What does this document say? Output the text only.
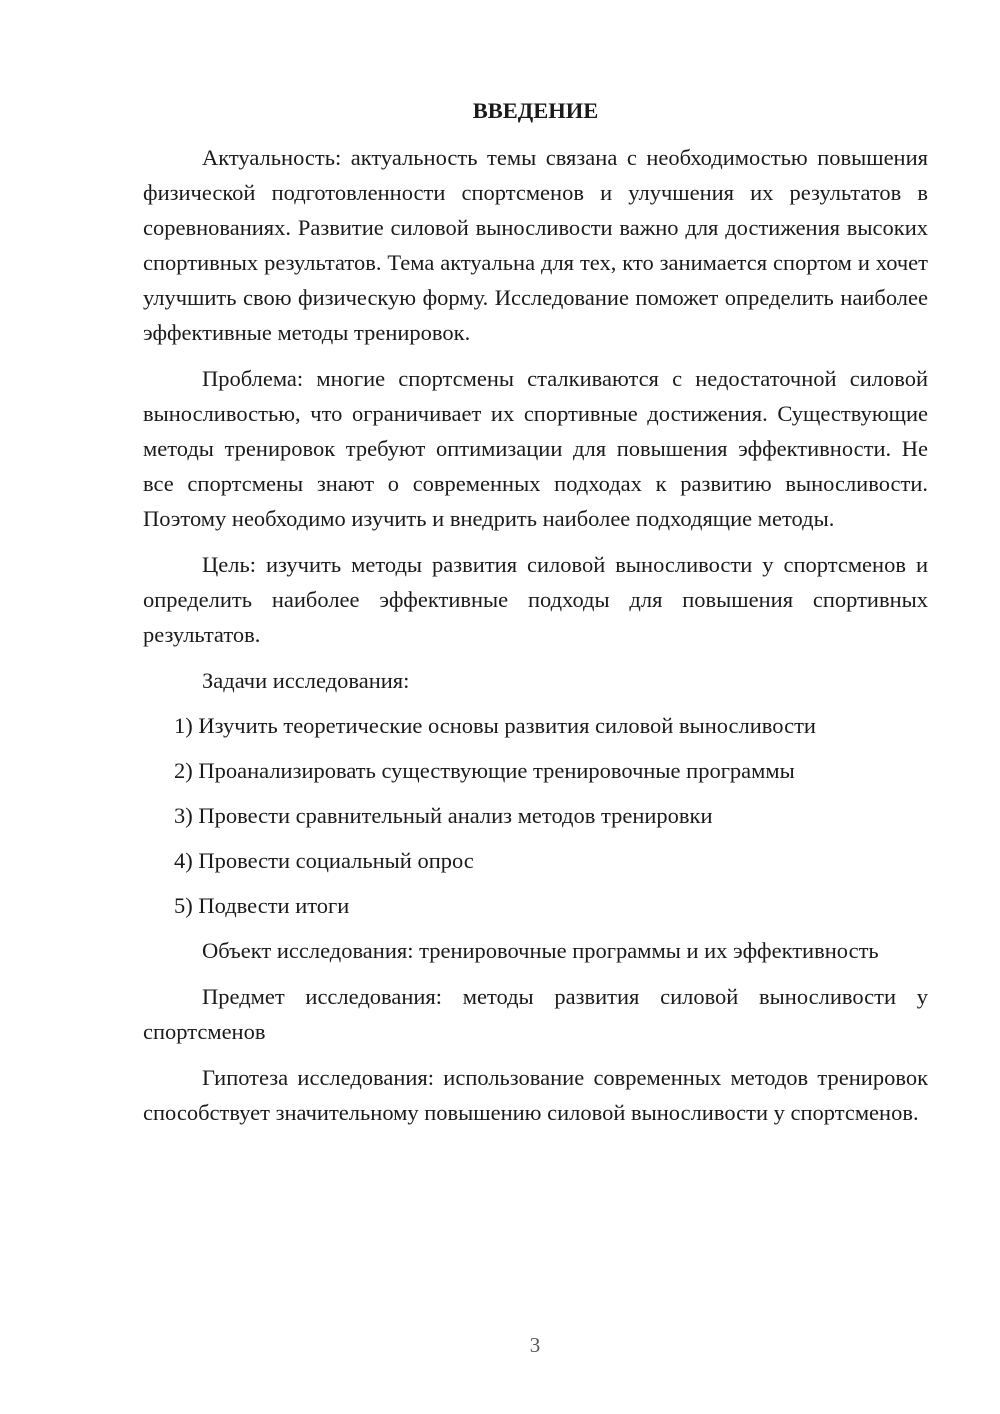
ВВЕДЕНИЕ

Актуальность: актуальность темы связана с необходимостью повышения физической подготовленности спортсменов и улучшения их результатов в соревнованиях. Развитие силовой выносливости важно для достижения высоких спортивных результатов. Тема актуальна для тех, кто занимается спортом и хочет улучшить свою физическую форму. Исследование поможет определить наиболее эффективные методы тренировок.

Проблема: многие спортсмены сталкиваются с недостаточной силовой выносливостью, что ограничивает их спортивные достижения. Существующие методы тренировок требуют оптимизации для повышения эффективности. Не все спортсмены знают о современных подходах к развитию выносливости. Поэтому необходимо изучить и внедрить наиболее подходящие методы.

Цель: изучить методы развития силовой выносливости у спортсменов и определить наиболее эффективные подходы для повышения спортивных результатов.

Задачи исследования:

1) Изучить теоретические основы развития силовой выносливости

2) Проанализировать существующие тренировочные программы

3) Провести сравнительный анализ методов тренировки

4) Провести социальный опрос

5) Подвести итоги

Объект исследования: тренировочные программы и их эффективность

Предмет исследования: методы развития силовой выносливости у спортсменов

Гипотеза исследования: использование современных методов тренировок способствует значительному повышению силовой выносливости у спортсменов.

3
